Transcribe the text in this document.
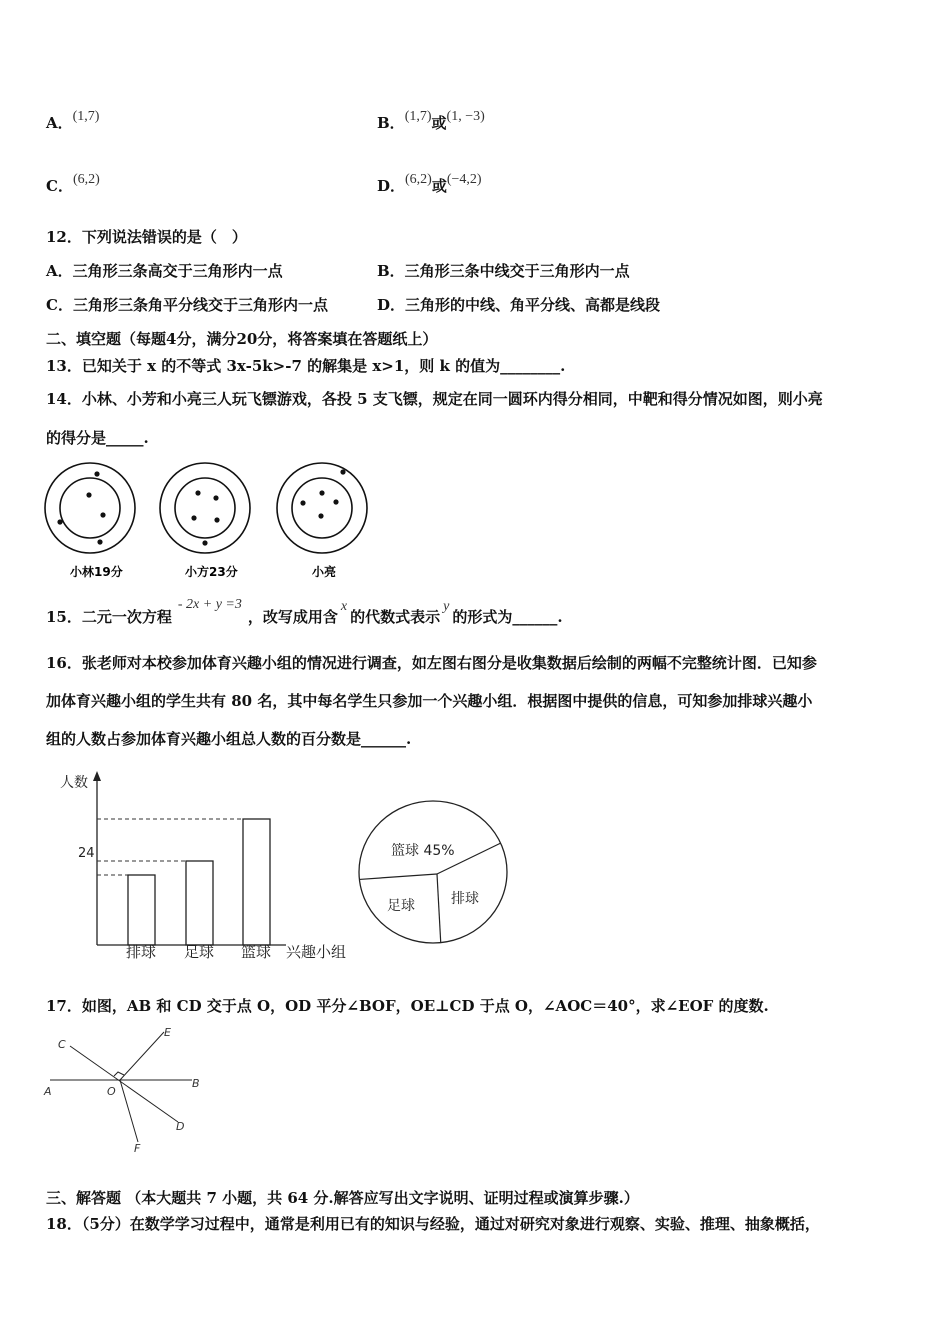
A．(1,7)	B．(1,7)或(1, −3)
C．(6,2)	D．(6,2)或(−4,2)
12．下列说法错误的是（　）
A．三角形三条高交于三角形内一点	B．三角形三条中线交于三角形内一点
C．三角形三条角平分线交于三角形内一点	D．三角形的中线、角平分线、高都是线段
二、填空题（每题4分，满分20分，将答案填在答题纸上）
13．已知关于 x 的不等式 3x-5k>-7 的解集是 x>1，则 k 的值为________.
14．小林、小芳和小亮三人玩飞镖游戏，各投 5 支飞镖，规定在同一圆环内得分相同，中靶和得分情况如图，则小亮
的得分是_____.
小林19分	小方23分	小亮
15．二元一次方程- 2x + y =3，改写成用含x的代数式表示y的形式为______.
16．张老师对本校参加体育兴趣小组的情况进行调查，如左图右图分是收集数据后绘制的两幅不完整统计图．已知参
加体育兴趣小组的学生共有 80 名，其中每名学生只参加一个兴趣小组．根据图中提供的信息，可知参加排球兴趣小
组的人数占参加体育兴趣小组总人数的百分数是______.
人数
24
排球 足球 篮球 兴趣小组
篮球 45%
足球	排球
17．如图，AB 和 CD 交于点 O，OD 平分∠BOF，OE⊥CD 于点 O，∠AOC＝40°，求∠EOF 的度数.
C
E
A
B
O
D
F
三、解答题 （本大题共 7 小题，共 64 分.解答应写出文字说明、证明过程或演算步骤.）
18．（5分）在数学学习过程中，通常是利用已有的知识与经验，通过对研究对象进行观察、实验、推理、抽象概括，
